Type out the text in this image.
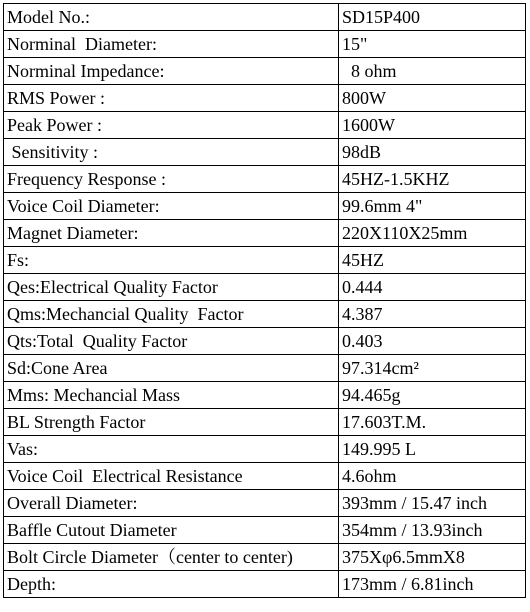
Model No.:	SD15P400
Norminal  Diameter:	15"
Norminal Impedance:	8 ohm
RMS Power :	800W
Peak Power :	1600W
Sensitivity :	98dB
Frequency Response :	45HZ-1.5KHZ
Voice Coil Diameter:	99.6mm 4"
Magnet Diameter:	220X110X25mm
Fs:	45HZ
Qes:Electrical Quality Factor	0.444
Qms:Mechancial Quality  Factor	4.387
Qts:Total  Quality Factor	0.403
Sd:Cone Area	97.314cm²
Mms: Mechancial Mass	94.465g
BL Strength Factor	17.603T.M.
Vas:	149.995 L
Voice Coil  Electrical Resistance	4.6ohm
Overall Diameter:	393mm / 15.47 inch
Baffle Cutout Diameter	354mm / 13.93inch
Bolt Circle Diameter（center to center)	375Xφ6.5mmX8
Depth:	173mm / 6.81inch
